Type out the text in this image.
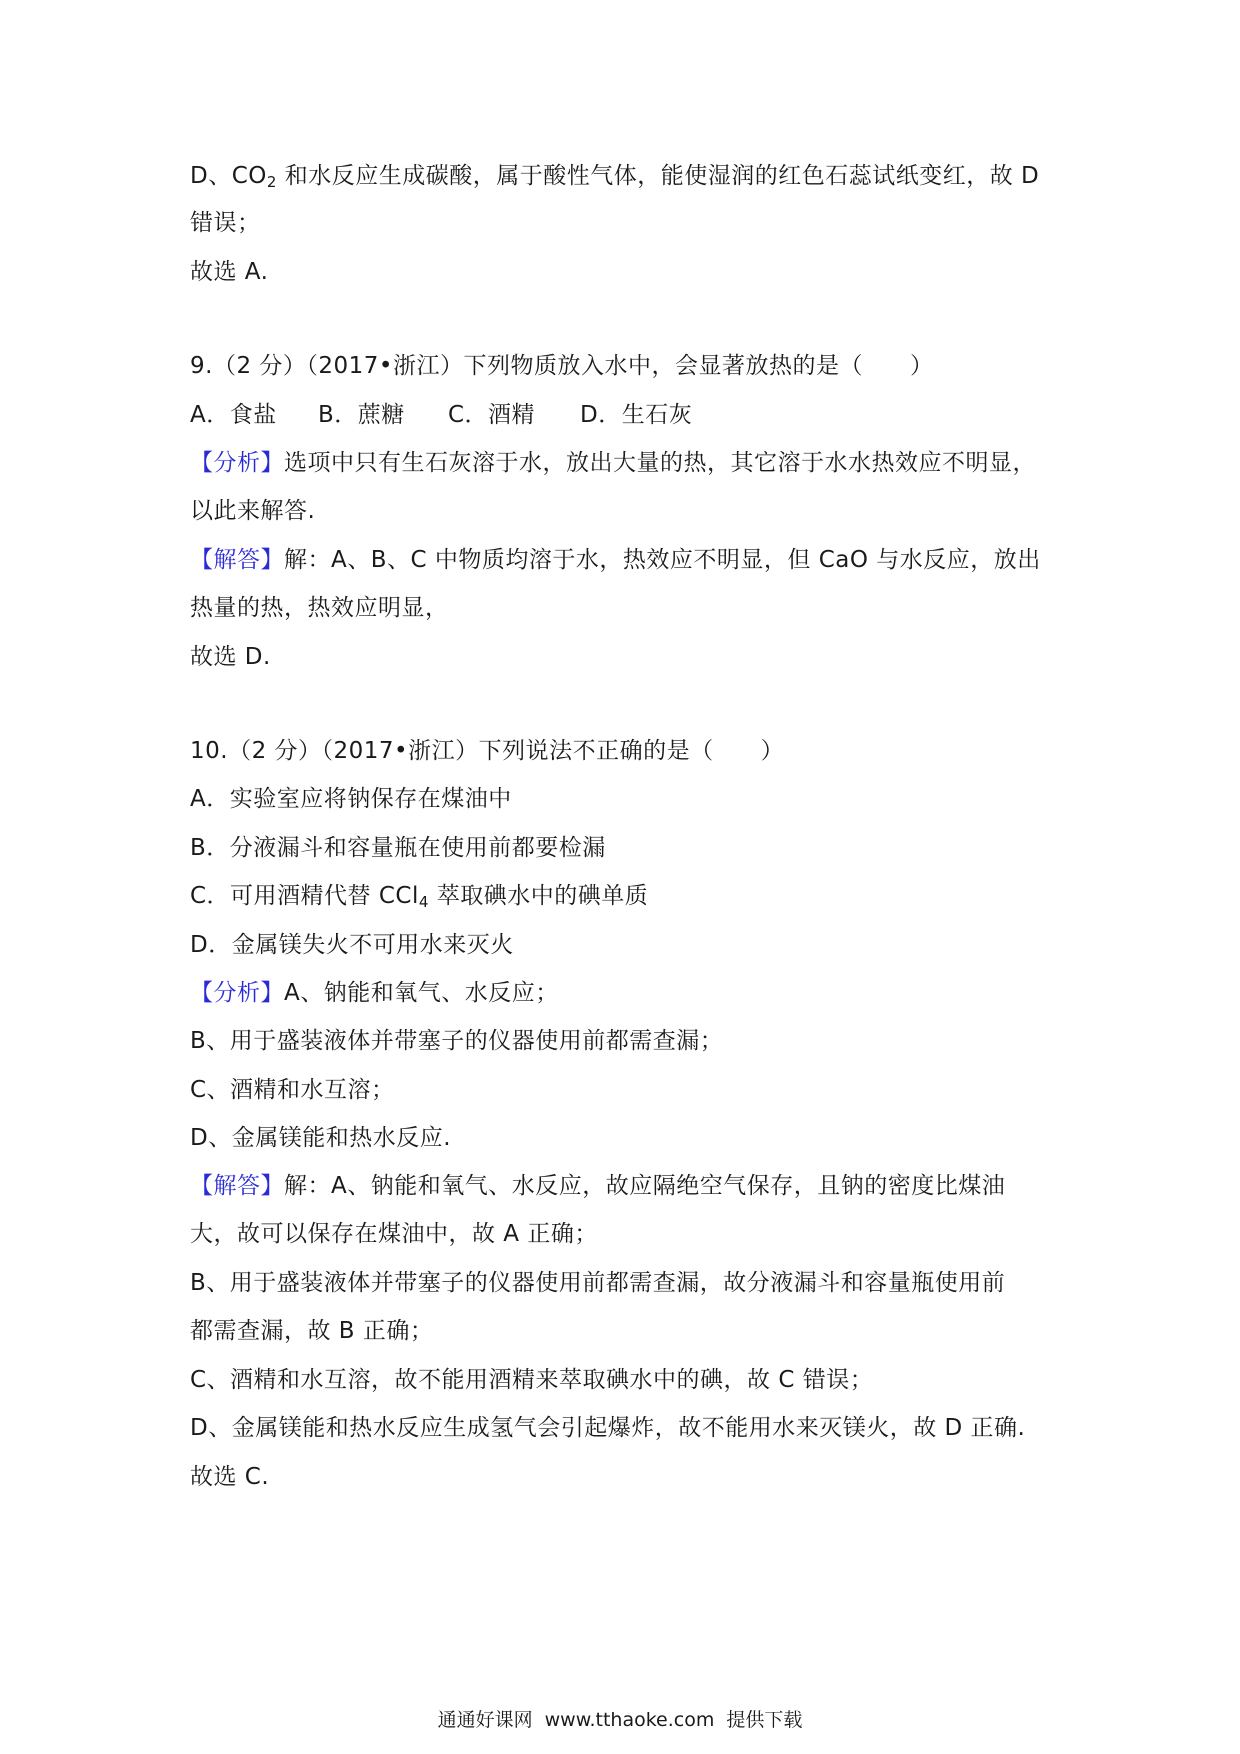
D、$CO_2$ 和水反应生成碳酸，属于酸性气体，能使湿润的红色石蕊试纸变红，故 D
错误；
故选 A.
9.（2 分）（2017•浙江）下列物质放入水中，会显著放热的是（　　）
A．食盐 B．蔗糖 C．酒精 D．生石灰
【分析】选项中只有生石灰溶于水，放出大量的热，其它溶于水水热效应不明显，
以此来解答.
【解答】解：A、B、C 中物质均溶于水，热效应不明显，但 CaO 与水反应，放出
热量的热，热效应明显，
故选 D.
10.（2 分）（2017•浙江）下列说法不正确的是（　　）
A．实验室应将钠保存在煤油中
B．分液漏斗和容量瓶在使用前都要检漏
C．可用酒精代替 CCl$_4$ 萃取碘水中的碘单质
D．金属镁失火不可用水来灭火
【分析】A、钠能和氧气、水反应；
B、用于盛装液体并带塞子的仪器使用前都需查漏；
C、酒精和水互溶；
D、金属镁能和热水反应.
【解答】解：A、钠能和氧气、水反应，故应隔绝空气保存，且钠的密度比煤油
大，故可以保存在煤油中，故 A 正确；
B、用于盛装液体并带塞子的仪器使用前都需查漏，故分液漏斗和容量瓶使用前
都需查漏，故 B 正确；
C、酒精和水互溶，故不能用酒精来萃取碘水中的碘，故 C 错误；
D、金属镁能和热水反应生成氢气会引起爆炸，故不能用水来灭镁火，故 D 正确.
故选 C.
通通好课网 www.tthaoke.com 提供下载
